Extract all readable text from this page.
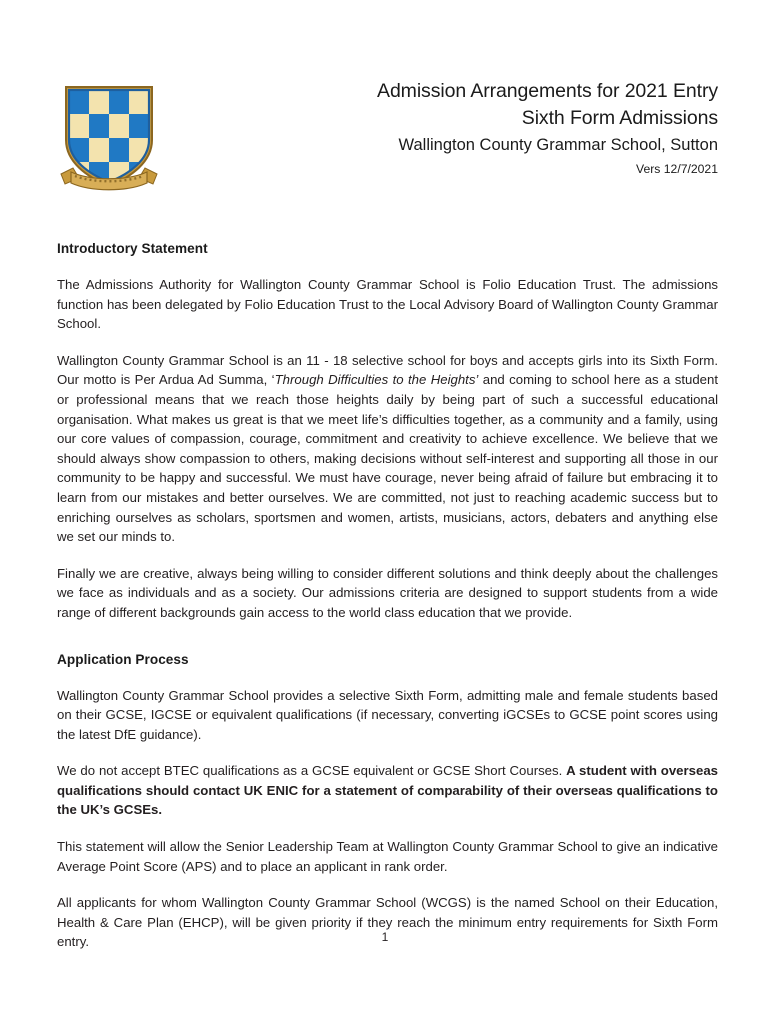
Admission Arrangements for 2021 Entry
Sixth Form Admissions
Wallington County Grammar School, Sutton
Vers 12/7/2021
Introductory Statement

The Admissions Authority for Wallington County Grammar School is Folio Education Trust. The admissions function has been delegated by Folio Education Trust to the Local Advisory Board of Wallington County Grammar School.

Wallington County Grammar School is an 11 - 18 selective school for boys and accepts girls into its Sixth Form. Our motto is Per Ardua Ad Summa, ‘Through Difficulties to the Heights’ and coming to school here as a student or professional means that we reach those heights daily by being part of such a successful educational organisation. What makes us great is that we meet life’s difficulties together, as a community and a family, using our core values of compassion, courage, commitment and creativity to achieve excellence. We believe that we should always show compassion to others, making decisions without self-interest and supporting all those in our community to be happy and successful. We must have courage, never being afraid of failure but embracing it to learn from our mistakes and better ourselves. We are committed, not just to reaching academic success but to enriching ourselves as scholars, sportsmen and women, artists, musicians, actors, debaters and anything else we set our minds to.

Finally we are creative, always being willing to consider different solutions and think deeply about the challenges we face as individuals and as a society. Our admissions criteria are designed to support students from a wide range of different backgrounds gain access to the world class education that we provide.

Application Process

Wallington County Grammar School provides a selective Sixth Form, admitting male and female students based on their GCSE, IGCSE or equivalent qualifications (if necessary, converting iGCSEs to GCSE point scores using the latest DfE guidance).

We do not accept BTEC qualifications as a GCSE equivalent or GCSE Short Courses. A student with overseas qualifications should contact UK ENIC for a statement of comparability of their overseas qualifications to the UK’s GCSEs.

This statement will allow the Senior Leadership Team at Wallington County Grammar School to give an indicative Average Point Score (APS) and to place an applicant in rank order.

All applicants for whom Wallington County Grammar School (WCGS) is the named School on their Education, Health & Care Plan (EHCP), will be given priority if they reach the minimum entry requirements for Sixth Form entry.	1
